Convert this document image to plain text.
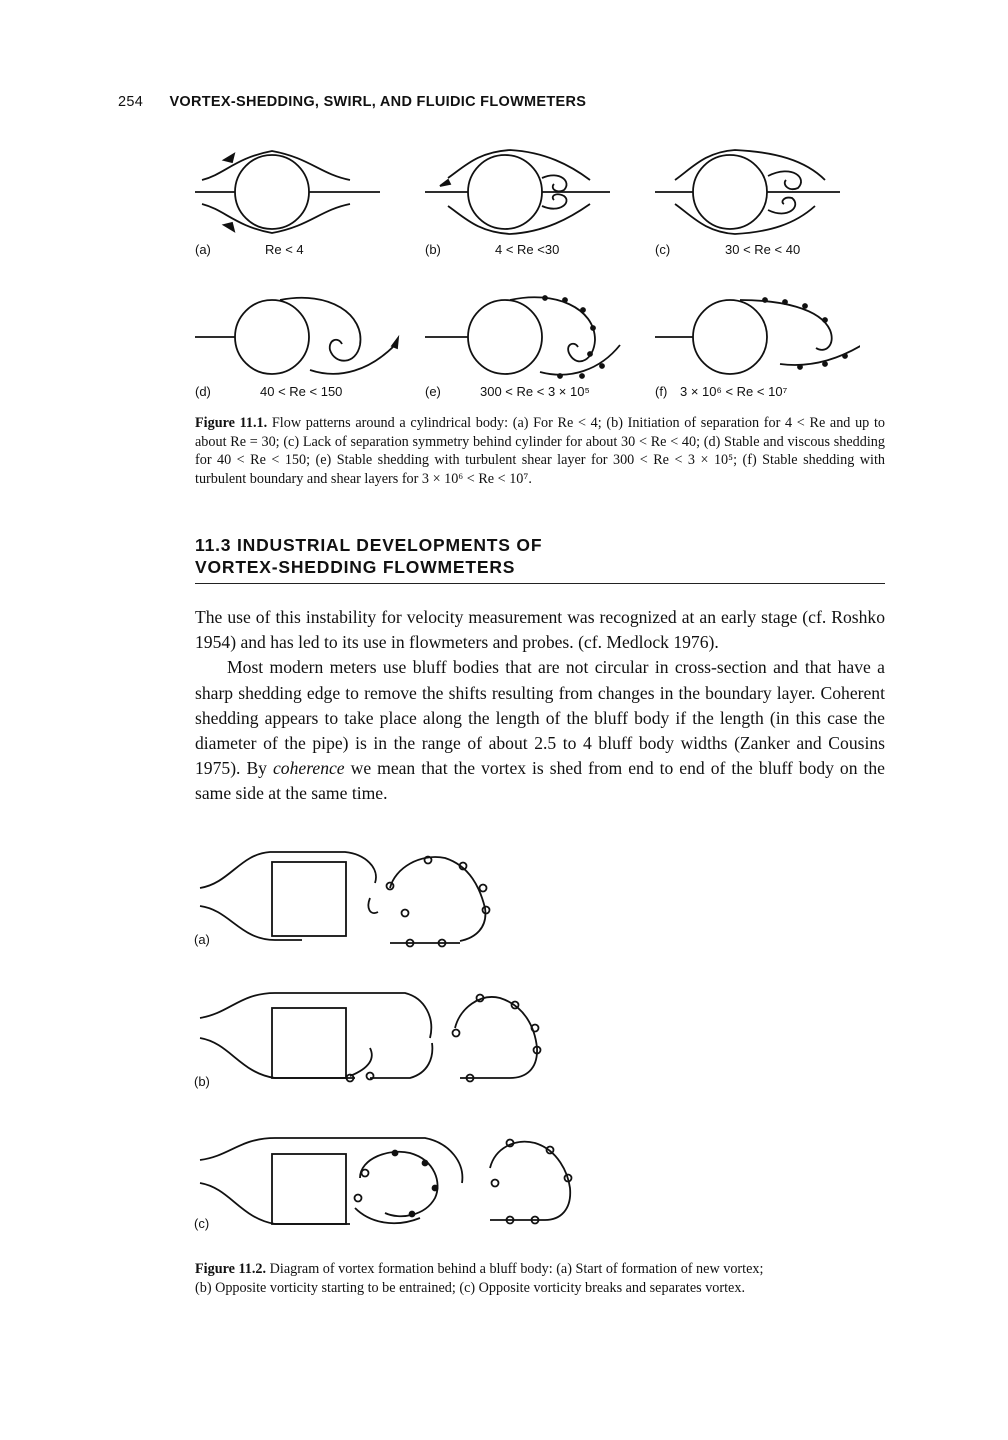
254 VORTEX-SHEDDING, SWIRL, AND FLUIDIC FLOWMETERS
(a)	Re < 4	(b)	4 < Re <30	(c)	30 < Re < 40
(d)	40 < Re < 150	(e)	300 < Re < 3 × 10⁵	(f) 3 × 10⁶ < Re < 10⁷
Figure 11.1. Flow patterns around a cylindrical body: (a) For Re < 4; (b) Initiation of separation for 4 < Re and up to about Re = 30; (c) Lack of separation symmetry behind cylinder for about 30 < Re < 40; (d) Stable and viscous shedding for 40 < Re < 150; (e) Stable shedding with turbulent shear layer for 300 < Re < 3 × 10⁵; (f) Stable shedding with turbulent boundary and shear layers for 3 × 10⁶ < Re < 10⁷.
11.3 INDUSTRIAL DEVELOPMENTS OF
VORTEX-SHEDDING FLOWMETERS

The use of this instability for velocity measurement was recognized at an early stage (cf. Roshko 1954) and has led to its use in flowmeters and probes. (cf. Medlock 1976).

Most modern meters use bluff bodies that are not circular in cross-section and that have a sharp shedding edge to remove the shifts resulting from changes in the boundary layer. Coherent shedding appears to take place along the length of the bluff body if the length (in this case the diameter of the pipe) is in the range of about 2.5 to 4 bluff body widths (Zanker and Cousins 1975). By coherence we mean that the vortex is shed from end to end of the bluff body on the same side at the same time.

(a)
(b)
(c)
Figure 11.2. Diagram of vortex formation behind a bluff body: (a) Start of formation of new vortex; (b) Opposite vorticity starting to be entrained; (c) Opposite vorticity breaks and separates vortex.
